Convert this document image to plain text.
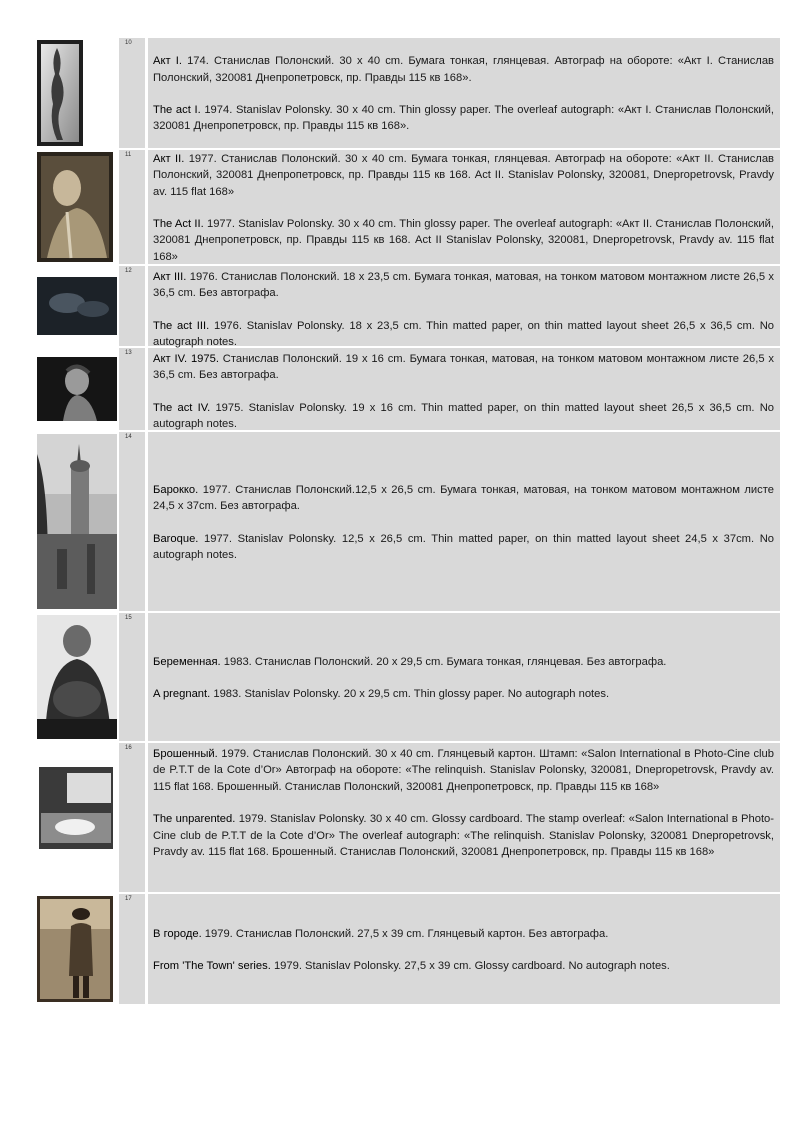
10

Акт I. 174. Станислав Полонский. 30 x 40 cm. Бумага тонкая, глянцевая. Автограф на обороте: «Акт I. Станислав Полонский, 320081 Днепропетровск, пр. Правды 115 кв 168».

The act I. 1974. Stanislav Polonsky. 30 x 40 cm. Thin glossy paper. The overleaf autograph: «Акт I. Станислав Полонский, 320081 Днепропетровск, пр. Правды 115 кв 168».

11 Акт II. 1977. Станислав Полонский. 30 x 40 cm. Бумага тонкая, глянцевая. Автограф на обороте: «Акт II. Станислав Полонский, 320081 Днепропетровск, пр. Правды 115 кв 168. Act II. Stanislav Polonsky, 320081, Dnepropetrovsk, Pravdy av. 115 flat 168»

The Act II. 1977. Stanislav Polonsky. 30 x 40 cm. Thin glossy paper. The overleaf autograph: «Акт II. Станислав Полонский, 320081 Днепропетровск, пр. Правды 115 кв 168. Act II Stanislav Polonsky, 320081, Dnepropetrovsk, Pravdy av. 115 flat 168»

12 Акт III. 1976. Станислав Полонский. 18 x 23,5 cm. Бумага тонкая, матовая, на тонком матовом монтажном листе 26,5 x 36,5 cm. Без автографа.

The act III. 1976. Stanislav Polonsky. 18 x 23,5 cm. Thin matted paper, on thin matted layout sheet 26,5 x 36,5 cm. No autograph notes.

13 Акт IV. 1975. Станислав Полонский. 19 x 16 cm. Бумага тонкая, матовая, на тонком матовом монтажном листе 26,5 x 36,5 cm. Без автографа.

The act IV. 1975. Stanislav Polonsky. 19 x 16 cm. Thin matted paper, on thin matted layout sheet 26,5 x 36,5 cm. No autograph notes.

14

Барокко. 1977. Станислав Полонский.12,5 x 26,5 cm. Бумага тонкая, матовая, на тонком матовом монтажном листе 24,5 x 37cm. Без автографа.

Baroque. 1977. Stanislav Polonsky. 12,5 x 26,5 cm. Thin matted paper, on thin matted layout sheet 24,5 x 37cm. No autograph notes.

15

Беременная. 1983. Станислав Полонский. 20 x 29,5 cm. Бумага тонкая, глянцевая. Без автографа.

A pregnant. 1983. Stanislav Polonsky. 20 x 29,5 cm. Thin glossy paper. No autograph notes.

16 Брошенный. 1979. Станислав Полонский. 30 x 40 cm. Глянцевый картон. Штамп: «Salon International в Photo-Cine club de P.T.T de la Cote d’Or» Автограф на обороте: «The relinquish. Stanislav Polonsky, 320081, Dnepropetrovsk, Pravdy av. 115 flat 168. Брошенный. Станислав Полонский, 320081 Днепропетровск, пр. Правды 115 кв 168»

The unparented. 1979. Stanislav Polonsky. 30 x 40 cm. Glossy cardboard. The stamp overleaf: «Salon International в Photo-Cine club de P.T.T de la Cote d’Or» The overleaf autograph: «The relinquish. Stanislav Polonsky, 320081 Dnepropetrovsk, Pravdy av. 115 flat 168. Брошенный. Станислав Полонский, 320081 Днепропетровск, пр. Правды 115 кв 168»

17

В городе. 1979. Станислав Полонский. 27,5 x 39 cm. Глянцевый картон. Без автографа.

From 'The Town' series. 1979. Stanislav Polonsky. 27,5 x 39 cm. Glossy cardboard. No autograph notes.
